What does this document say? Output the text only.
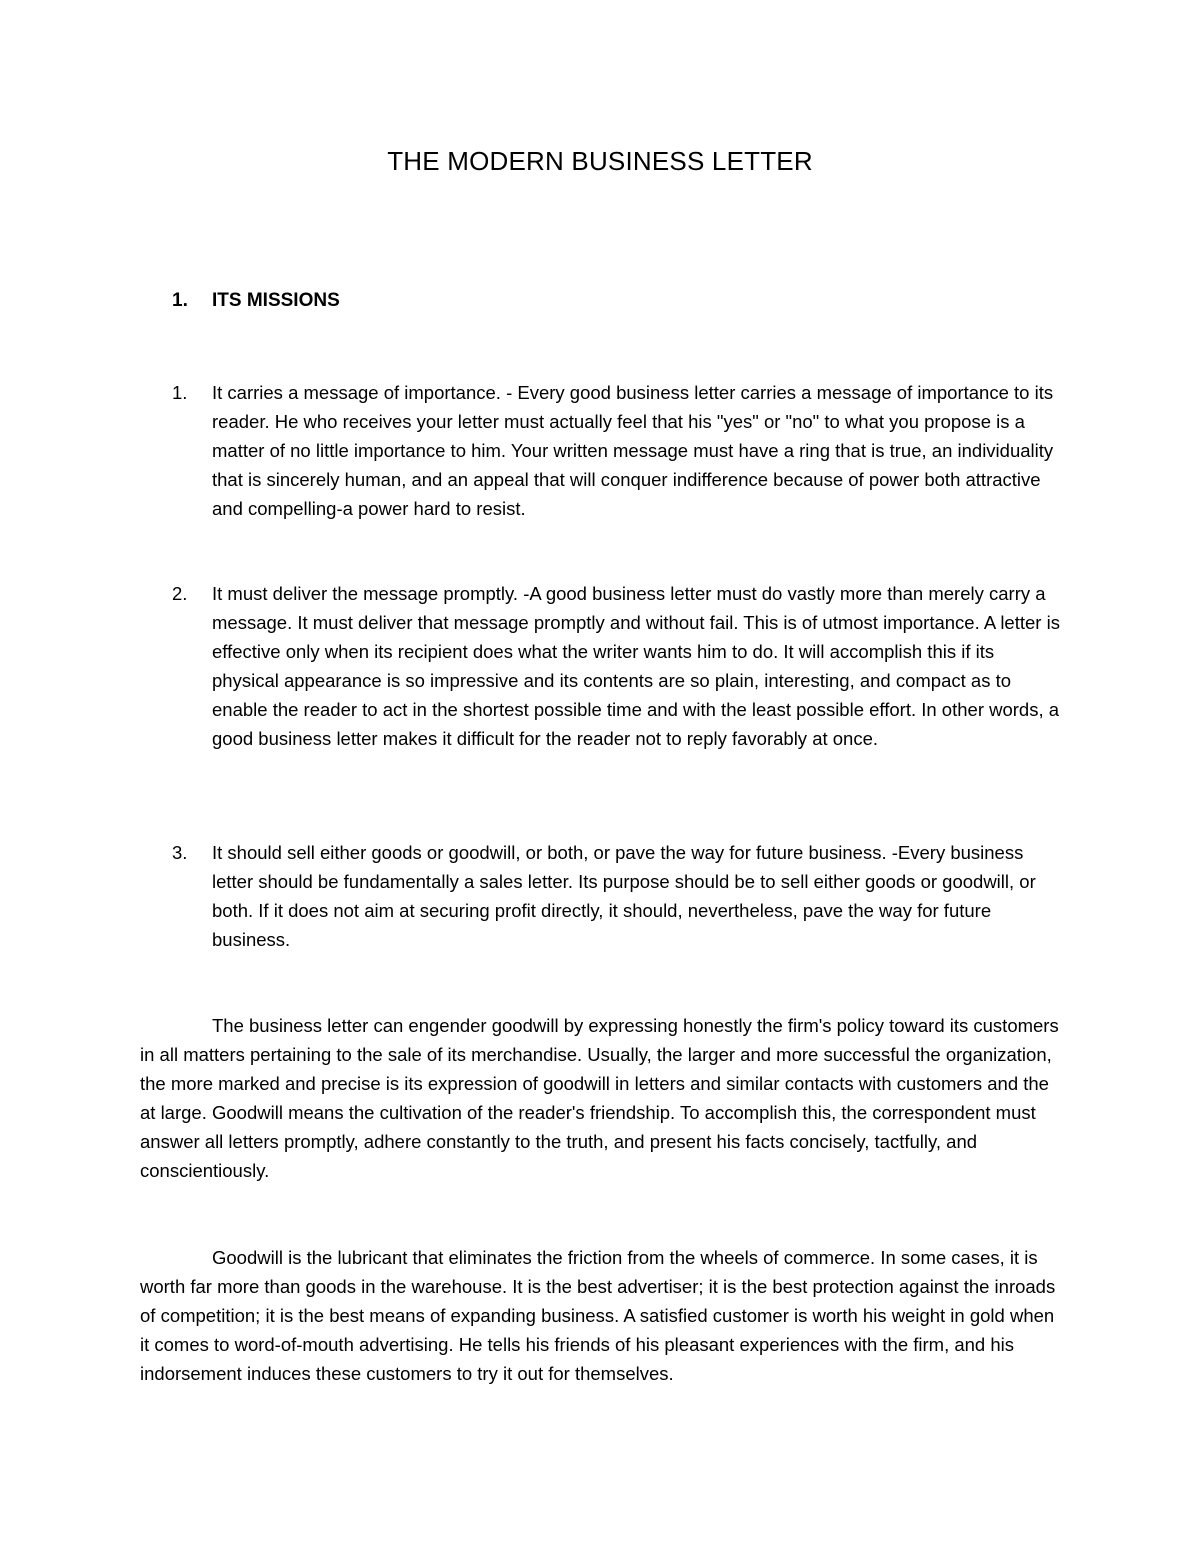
THE MODERN BUSINESS LETTER
1. ITS MISSIONS
1.	It carries a message of importance. - Every good business letter carries a message of importance to its reader. He who receives your letter must actually feel that his "yes" or "no" to what you propose is a matter of no little importance to him. Your written message must have a ring that is true, an individuality that is sincerely human, and an appeal that will conquer indifference because of power both attractive and compelling-a power hard to resist.
2.	It must deliver the message promptly. -A good business letter must do vastly more than merely carry a message. It must deliver that message promptly and without fail. This is of utmost importance. A letter is effective only when its recipient does what the writer wants him to do. It will accomplish this if its physical appearance is so impressive and its contents are so plain, interesting, and compact as to enable the reader to act in the shortest possible time and with the least possible effort. In other words, a good business letter makes it difficult for the reader not to reply favorably at once.
3.	It should sell either goods or goodwill, or both, or pave the way for future business. -Every business letter should be fundamentally a sales letter. Its purpose should be to sell either goods or goodwill, or both. If it does not aim at securing profit directly, it should, nevertheless, pave the way for future business.

The business letter can engender goodwill by expressing honestly the firm's policy toward its customers in all matters pertaining to the sale of its merchandise. Usually, the larger and more successful the organization, the more marked and precise is its expression of goodwill in letters and similar contacts with customers and the at large. Goodwill means the cultivation of the reader's friendship. To accomplish this, the correspondent must answer all letters promptly, adhere constantly to the truth, and present his facts concisely, tactfully, and conscientiously.

Goodwill is the lubricant that eliminates the friction from the wheels of commerce. In some cases, it is worth far more than goods in the warehouse. It is the best advertiser; it is the best protection against the inroads of competition; it is the best means of expanding business. A satisfied customer is worth his weight in gold when it comes to word-of-mouth advertising. He tells his friends of his pleasant experiences with the firm, and his indorsement induces these customers to try it out for themselves.
